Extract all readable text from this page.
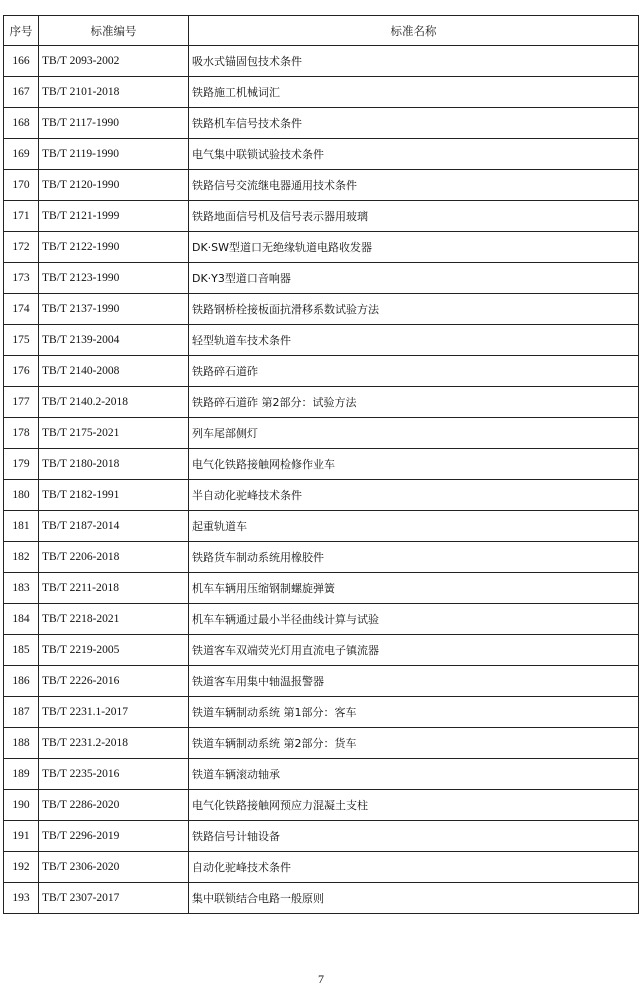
序号	标准编号	标准名称
166	TB/T 2093-2002	吸水式锚固包技术条件
167	TB/T 2101-2018	铁路施工机械词汇
168	TB/T 2117-1990	铁路机车信号技术条件
169	TB/T 2119-1990	电气集中联锁试验技术条件
170	TB/T 2120-1990	铁路信号交流继电器通用技术条件
171	TB/T 2121-1999	铁路地面信号机及信号表示器用玻璃
172	TB/T 2122-1990	DK·SW型道口无绝缘轨道电路收发器
173	TB/T 2123-1990	DK·Y3型道口音响器
174	TB/T 2137-1990	铁路钢桥栓接板面抗滑移系数试验方法
175	TB/T 2139-2004	轻型轨道车技术条件
176	TB/T 2140-2008	铁路碎石道砟
177	TB/T 2140.2-2018	铁路碎石道砟 第2部分：试验方法
178	TB/T 2175-2021	列车尾部侧灯
179	TB/T 2180-2018	电气化铁路接触网检修作业车
180	TB/T 2182-1991	半自动化驼峰技术条件
181	TB/T 2187-2014	起重轨道车
182	TB/T 2206-2018	铁路货车制动系统用橡胶件
183	TB/T 2211-2018	机车车辆用压缩钢制螺旋弹簧
184	TB/T 2218-2021	机车车辆通过最小半径曲线计算与试验
185	TB/T 2219-2005	铁道客车双端荧光灯用直流电子镇流器
186	TB/T 2226-2016	铁道客车用集中轴温报警器
187	TB/T 2231.1-2017	铁道车辆制动系统 第1部分：客车
188	TB/T 2231.2-2018	铁道车辆制动系统 第2部分：货车
189	TB/T 2235-2016	铁道车辆滚动轴承
190	TB/T 2286-2020	电气化铁路接触网预应力混凝土支柱
191	TB/T 2296-2019	铁路信号计轴设备
192	TB/T 2306-2020	自动化驼峰技术条件
193	TB/T 2307-2017	集中联锁结合电路一般原则
7
